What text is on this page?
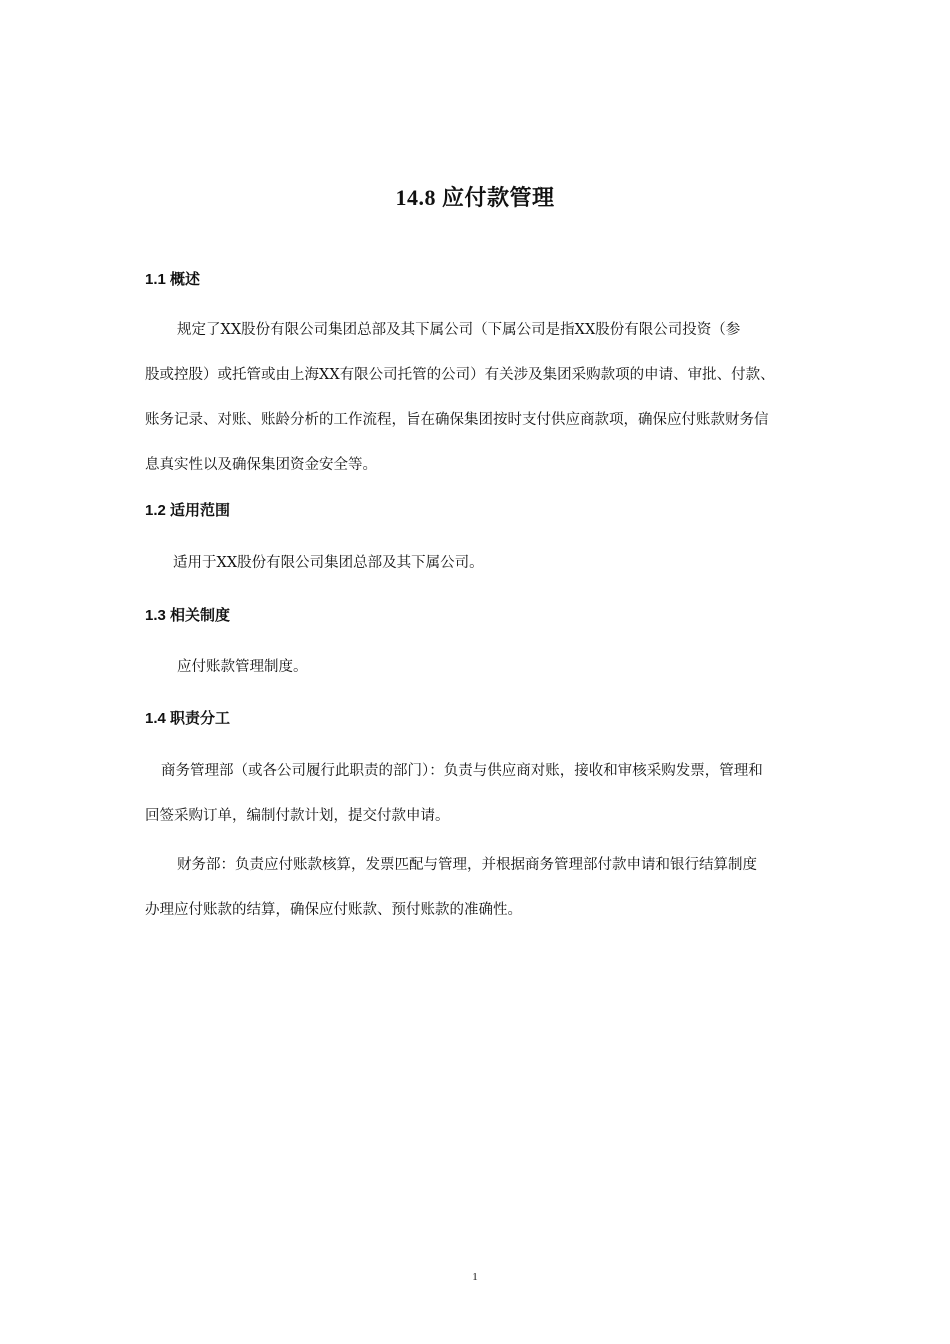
14.8 应付款管理
1.1 概述
规定了XX股份有限公司集团总部及其下属公司（下属公司是指XX股份有限公司投资（参
股或控股）或托管或由上海XX有限公司托管的公司）有关涉及集团采购款项的申请、审批、付款、
账务记录、对账、账龄分析的工作流程，旨在确保集团按时支付供应商款项，确保应付账款财务信
息真实性以及确保集团资金安全等。
1.2 适用范围
适用于XX股份有限公司集团总部及其下属公司。
1.3 相关制度
应付账款管理制度。
1.4 职责分工
商务管理部（或各公司履行此职责的部门）：负责与供应商对账，接收和审核采购发票，管理和
回签采购订单，编制付款计划，提交付款申请。
财务部：负责应付账款核算，发票匹配与管理，并根据商务管理部付款申请和银行结算制度
办理应付账款的结算，确保应付账款、预付账款的准确性。
1
